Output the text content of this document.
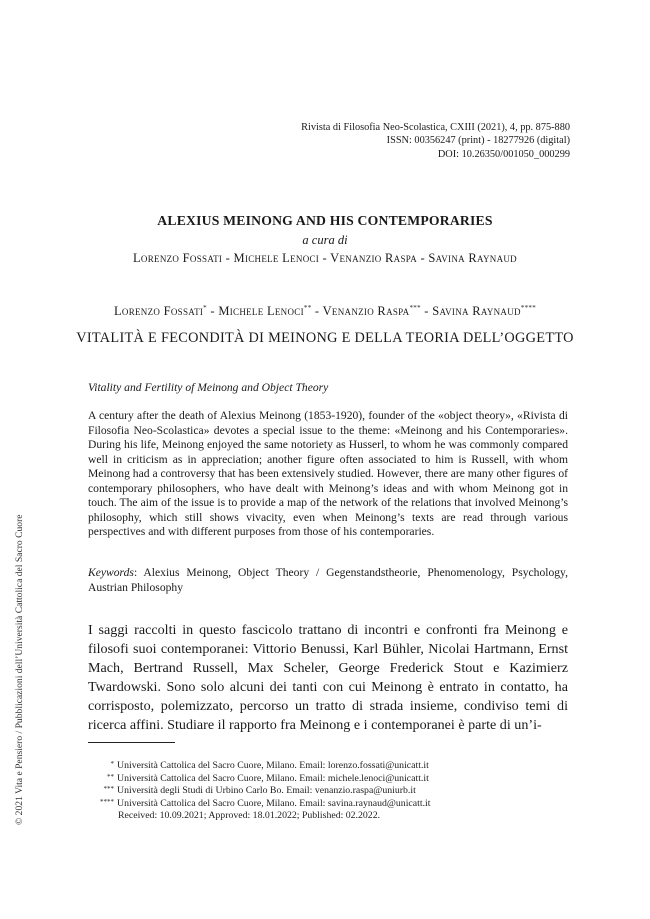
© 2021 Vita e Pensiero / Pubblicazioni dell’Università Cattolica del Sacro Cuore
Rivista di Filosofia Neo-Scolastica, CXIII (2021), 4, pp. 875-880
ISSN: 00356247 (print) - 18277926 (digital)
DOI: 10.26350/001050_000299
ALEXIUS MEINONG AND HIS CONTEMPORARIES
a cura di
Lorenzo Fossati - Michele Lenoci - Venanzio Raspa - Savina Raynaud
Lorenzo Fossati* - Michele Lenoci** - Venanzio Raspa*** - Savina Raynaud****
VITALITÀ E FECONDITÀ DI MEINONG E DELLA TEORIA DELL’OGGETTO
Vitality and Fertility of Meinong and Object Theory

A century after the death of Alexius Meinong (1853-1920), founder of the «object theory», «Rivista di Filosofia Neo-Scolastica» devotes a special issue to the theme: «Meinong and his Contemporaries». During his life, Meinong enjoyed the same notoriety as Husserl, to whom he was commonly compared well in criticism as in appreciation; another figure often associated to him is Russell, with whom Meinong had a controversy that has been extensively studied. However, there are many other figures of contemporary philosophers, who have dealt with Meinong’s ideas and with whom Meinong got in touch. The aim of the issue is to provide a map of the network of the relations that involved Meinong’s philosophy, which still shows vivacity, even when Meinong’s texts are read through various perspectives and with different purposes from those of his contemporaries.

Keywords: Alexius Meinong, Object Theory / Gegenstandstheorie, Phenomenology, Psychology, Austrian Philosophy

I saggi raccolti in questo fascicolo trattano di incontri e confronti fra Meinong e filosofi suoi contemporanei: Vittorio Benussi, Karl Bühler, Nicolai Hartmann, Ernst Mach, Bertrand Russell, Max Scheler, George Frederick Stout e Kazimierz Twardowski. Sono solo alcuni dei tanti con cui Meinong è entrato in contatto, ha corrisposto, polemizzato, percorso un tratto di strada insieme, condiviso temi di ricerca affini. Studiare il rapporto fra Meinong e i contemporanei è parte di un’i-

* Università Cattolica del Sacro Cuore, Milano. Email: lorenzo.fossati@unicatt.it
** Università Cattolica del Sacro Cuore, Milano. Email: michele.lenoci@unicatt.it
*** Università degli Studi di Urbino Carlo Bo. Email: venanzio.raspa@uniurb.it
**** Università Cattolica del Sacro Cuore, Milano. Email: savina.raynaud@unicatt.it
Received: 10.09.2021; Approved: 18.01.2022; Published: 02.2022.
